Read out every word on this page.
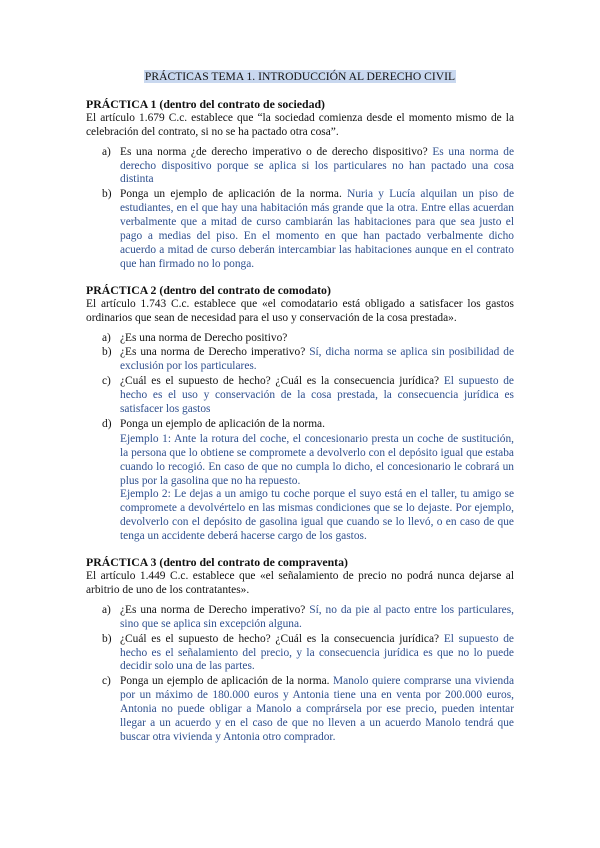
PRÁCTICAS TEMA 1. INTRODUCCIÓN AL DERECHO CIVIL
PRÁCTICA 1 (dentro del contrato de sociedad)
El artículo 1.679 C.c. establece que “la sociedad comienza desde el momento mismo de la celebración del contrato, si no se ha pactado otra cosa”.
a) Es una norma ¿de derecho imperativo o de derecho dispositivo? Es una norma de derecho dispositivo porque se aplica si los particulares no han pactado una cosa distinta
b) Ponga un ejemplo de aplicación de la norma. Nuria y Lucía alquilan un piso de estudiantes, en el que hay una habitación más grande que la otra. Entre ellas acuerdan verbalmente que a mitad de curso cambiarán las habitaciones para que sea justo el pago a medias del piso. En el momento en que han pactado verbalmente dicho acuerdo a mitad de curso deberán intercambiar las habitaciones aunque en el contrato que han firmado no lo ponga.
PRÁCTICA 2 (dentro del contrato de comodato)
El artículo 1.743 C.c. establece que «el comodatario está obligado a satisfacer los gastos ordinarios que sean de necesidad para el uso y conservación de la cosa prestada».
a) ¿Es una norma de Derecho positivo?
b) ¿Es una norma de Derecho imperativo? Sí, dicha norma se aplica sin posibilidad de exclusión por los particulares.
c) ¿Cuál es el supuesto de hecho? ¿Cuál es la consecuencia jurídica? El supuesto de hecho es el uso y conservación de la cosa prestada, la consecuencia jurídica es satisfacer los gastos
d) Ponga un ejemplo de aplicación de la norma.
Ejemplo 1: Ante la rotura del coche, el concesionario presta un coche de sustitución, la persona que lo obtiene se compromete a devolverlo con el depósito igual que estaba cuando lo recogió. En caso de que no cumpla lo dicho, el concesionario le cobrará un plus por la gasolina que no ha repuesto.
Ejemplo 2: Le dejas a un amigo tu coche porque el suyo está en el taller, tu amigo se compromete a devolvértelo en las mismas condiciones que se lo dejaste. Por ejemplo, devolverlo con el depósito de gasolina igual que cuando se lo llevó, o en caso de que tenga un accidente deberá hacerse cargo de los gastos.
PRÁCTICA 3 (dentro del contrato de compraventa)
El artículo 1.449 C.c. establece que «el señalamiento de precio no podrá nunca dejarse al arbitrio de uno de los contratantes».
a) ¿Es una norma de Derecho imperativo? Sí, no da pie al pacto entre los particulares, sino que se aplica sin excepción alguna.
b) ¿Cuál es el supuesto de hecho? ¿Cuál es la consecuencia jurídica? El supuesto de hecho es el señalamiento del precio, y la consecuencia jurídica es que no lo puede decidir solo una de las partes.
c) Ponga un ejemplo de aplicación de la norma. Manolo quiere comprarse una vivienda por un máximo de 180.000 euros y Antonia tiene una en venta por 200.000 euros, Antonia no puede obligar a Manolo a comprársela por ese precio, pueden intentar llegar a un acuerdo y en el caso de que no lleven a un acuerdo Manolo tendrá que buscar otra vivienda y Antonia otro comprador.
